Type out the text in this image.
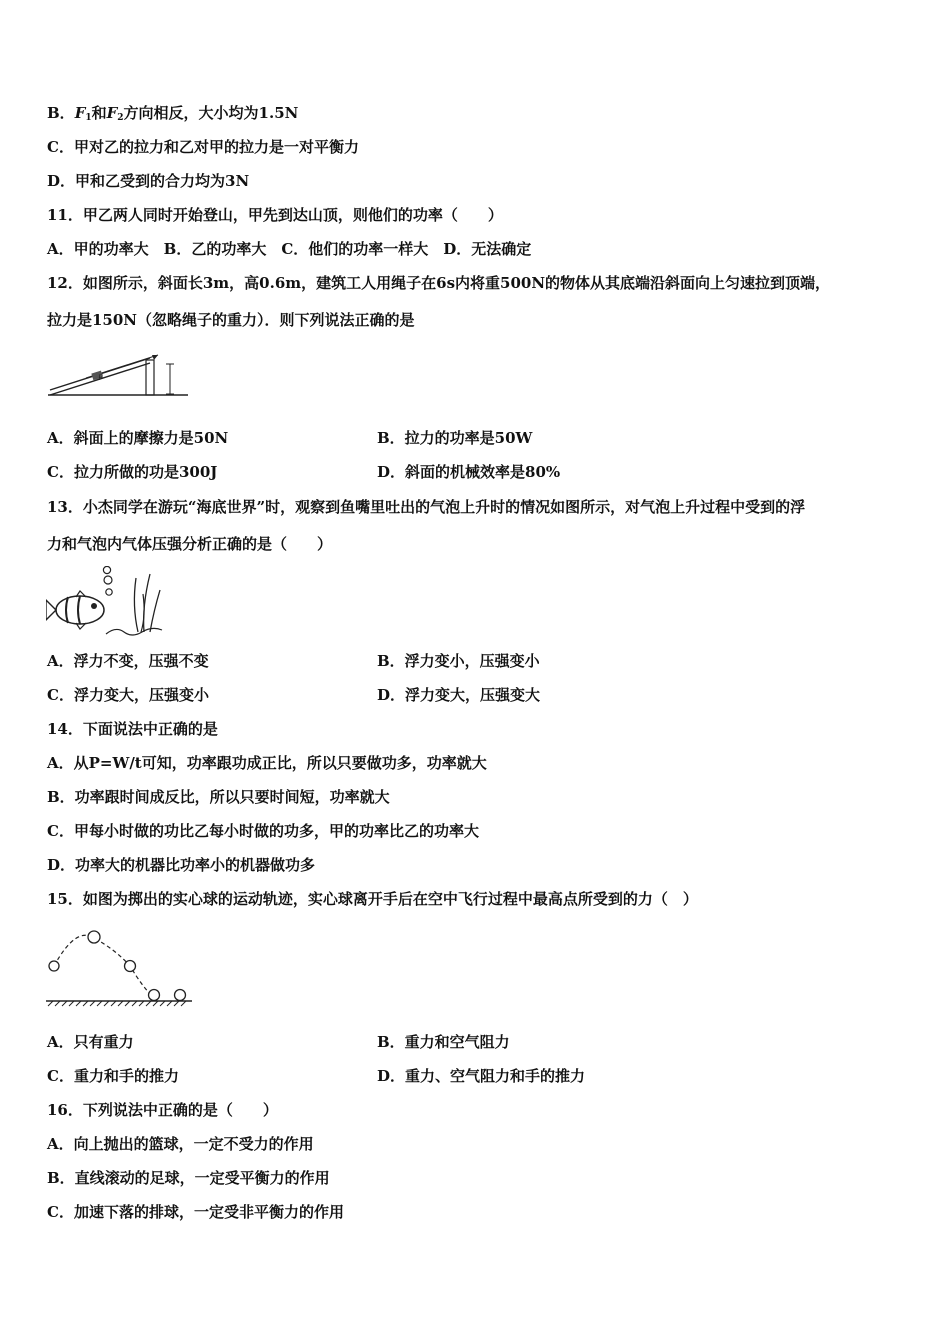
B．$F_1$和$F_2$方向相反，大小均为1.5N
C．甲对乙的拉力和乙对甲的拉力是一对平衡力
D．甲和乙受到的合力均为3N
11．甲乙两人同时开始登山，甲先到达山顶，则他们的功率（　　）
A．甲的功率大　B．乙的功率大　C．他们的功率一样大　D．无法确定
12．如图所示，斜面长3m，高0.6m，建筑工人用绳子在6s内将重500N的物体从其底端沿斜面向上匀速拉到顶端，
拉力是150N（忽略绳子的重力）．则下列说法正确的是
F
A．斜面上的摩擦力是50N	B．拉力的功率是50W
C．拉力所做的功是300J	D．斜面的机械效率是80%
13．小杰同学在游玩“海底世界”时，观察到鱼嘴里吐出的气泡上升时的情况如图所示，对气泡上升过程中受到的浮
力和气泡内气体压强分析正确的是（　　）
A．浮力不变，压强不变	B．浮力变小，压强变小
C．浮力变大，压强变小	D．浮力变大，压强变大
14．下面说法中正确的是
A．从P=W/t可知，功率跟功成正比，所以只要做功多，功率就大
B．功率跟时间成反比，所以只要时间短，功率就大
C．甲每小时做的功比乙每小时做的功多，甲的功率比乙的功率大
D．功率大的机器比功率小的机器做功多
15．如图为掷出的实心球的运动轨迹，实心球离开手后在空中飞行过程中最高点所受到的力（　）
A．只有重力	B．重力和空气阻力
C．重力和手的推力	D．重力、空气阻力和手的推力
16．下列说法中正确的是（　　）
A．向上抛出的篮球，一定不受力的作用
B．直线滚动的足球，一定受平衡力的作用
C．加速下落的排球，一定受非平衡力的作用
